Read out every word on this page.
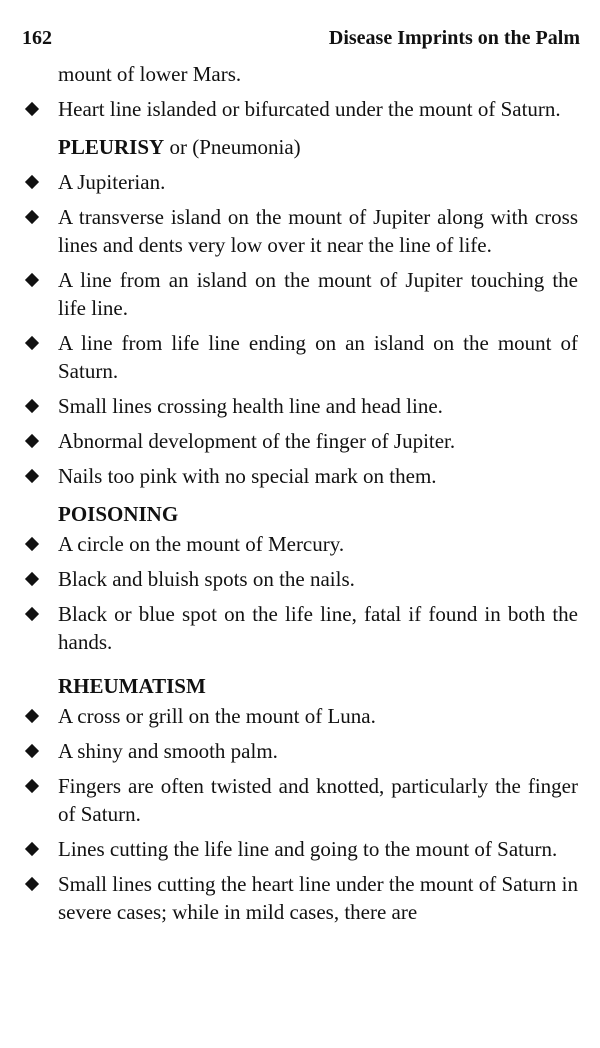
162	Disease Imprints on the Palm
mount of lower Mars.
Heart line islanded or bifurcated under the mount of Saturn.
PLEURISY or (Pneumonia)
A Jupiterian.
A transverse island on the mount of Jupiter along with cross lines and dents very low over it near the line of life.
A line from an island on the mount of Jupiter touching the life line.
A line from life line ending on an island on the mount of Saturn.
Small lines crossing health line and head line.
Abnormal development of the finger of Jupiter.
Nails too pink with no special mark on them.
POISONING
A circle on the mount of Mercury.
Black and bluish spots on the nails.
Black or blue spot on the life line, fatal if found in both the hands.
RHEUMATISM
A cross or grill on the mount of Luna.
A shiny and smooth palm.
Fingers are often twisted and knotted, particularly the finger of Saturn.
Lines cutting the life line and going to the mount of Saturn.
Small lines cutting the heart line under the mount of Saturn in severe cases; while in mild cases, there are
